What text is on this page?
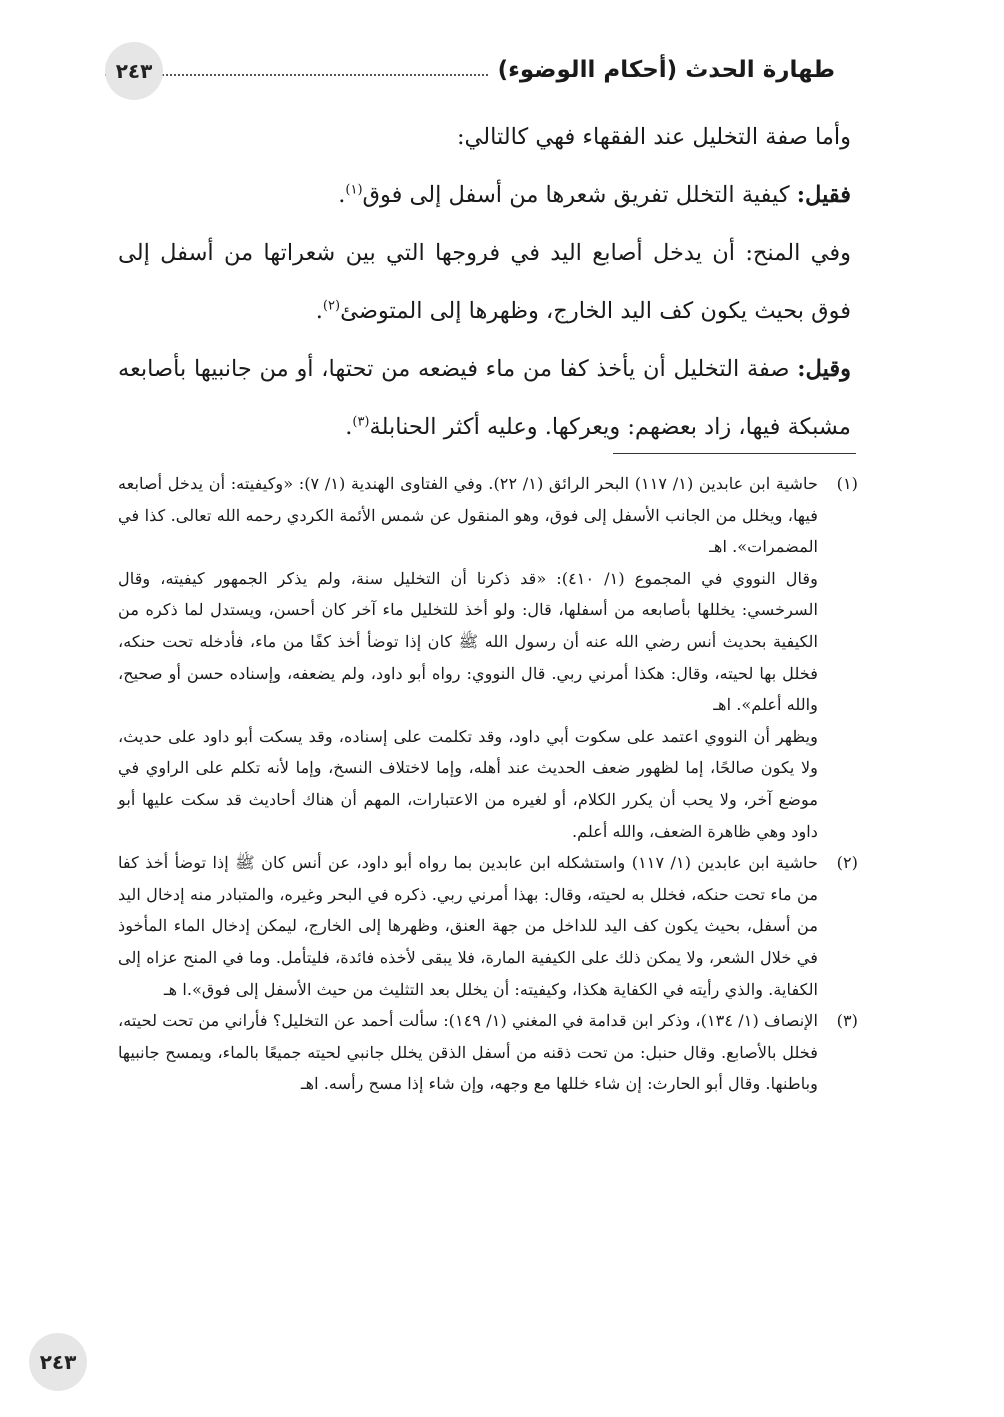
طهارة الحدث (أحكام االوضوء)
٢٤٣

وأما صفة التخليل عند الفقهاء فهي كالتالي:

فقيل: كيفية التخلل تفريق شعرها من أسفل إلى فوق$^{(١)}$.

وفي المنح: أن يدخل أصابع اليد في فروجها التي بين شعراتها من أسفل إلى فوق بحيث يكون كف اليد الخارج، وظهرها إلى المتوضئ$^{(٢)}$.

وقيل: صفة التخليل أن يأخذ كفا من ماء فيضعه من تحتها، أو من جانبيها بأصابعه مشبكة فيها، زاد بعضهم: ويعركها. وعليه أكثر الحنابلة$^{(٣)}$.

(١)

حاشية ابن عابدين (١/ ١١٧) البحر الرائق (١/ ٢٢). وفي الفتاوى الهندية (١/ ٧): «وكيفيته: أن يدخل أصابعه فيها، ويخلل من الجانب الأسفل إلى فوق، وهو المنقول عن شمس الأئمة الكردي رحمه الله تعالى. كذا في المضمرات». اهـ

وقال النووي في المجموع (١/ ٤١٠): «قد ذكرنا أن التخليل سنة، ولم يذكر الجمهور كيفيته، وقال السرخسي: يخللها بأصابعه من أسفلها، قال: ولو أخذ للتخليل ماء آخر كان أحسن، ويستدل لما ذكره من الكيفية بحديث أنس رضي الله عنه أن رسول الله ﷺ كان إذا توضأ أخذ كفًا من ماء، فأدخله تحت حنكه، فخلل بها لحيته، وقال: هكذا أمرني ربي. قال النووي: رواه أبو داود، ولم يضعفه، وإسناده حسن أو صحيح، والله أعلم». اهـ

ويظهر أن النووي اعتمد على سكوت أبي داود، وقد تكلمت على إسناده، وقد يسكت أبو داود على حديث، ولا يكون صالحًا، إما لظهور ضعف الحديث عند أهله، وإما لاختلاف النسخ، وإما لأنه تكلم على الراوي في موضع آخر، ولا يحب أن يكرر الكلام، أو لغيره من الاعتبارات، المهم أن هناك أحاديث قد سكت عليها أبو داود وهي ظاهرة الضعف، والله أعلم.

(٢)

حاشية ابن عابدين (١/ ١١٧) واستشكله ابن عابدين بما رواه أبو داود، عن أنس كان ﷺ إذا توضأ أخذ كفا من ماء تحت حنكه، فخلل به لحيته، وقال: بهذا أمرني ربي. ذكره في البحر وغيره، والمتبادر منه إدخال اليد من أسفل، بحيث يكون كف اليد للداخل من جهة العنق، وظهرها إلى الخارج، ليمكن إدخال الماء المأخوذ في خلال الشعر، ولا يمكن ذلك على الكيفية المارة، فلا يبقى لأخذه فائدة، فليتأمل. وما في المنح عزاه إلى الكفاية. والذي رأيته في الكفاية هكذا، وكيفيته: أن يخلل بعد التثليث من حيث الأسفل إلى فوق».ا هـ

(٣)

الإنصاف (١/ ١٣٤)، وذكر ابن قدامة في المغني (١/ ١٤٩): سألت أحمد عن التخليل؟ فأراني من تحت لحيته، فخلل بالأصابع. وقال حنبل: من تحت ذقنه من أسفل الذقن يخلل جانبي لحيته جميعًا بالماء، ويمسح جانبيها وباطنها. وقال أبو الحارث: إن شاء خللها مع وجهه، وإن شاء إذا مسح رأسه. اهـ

٢٤٣
